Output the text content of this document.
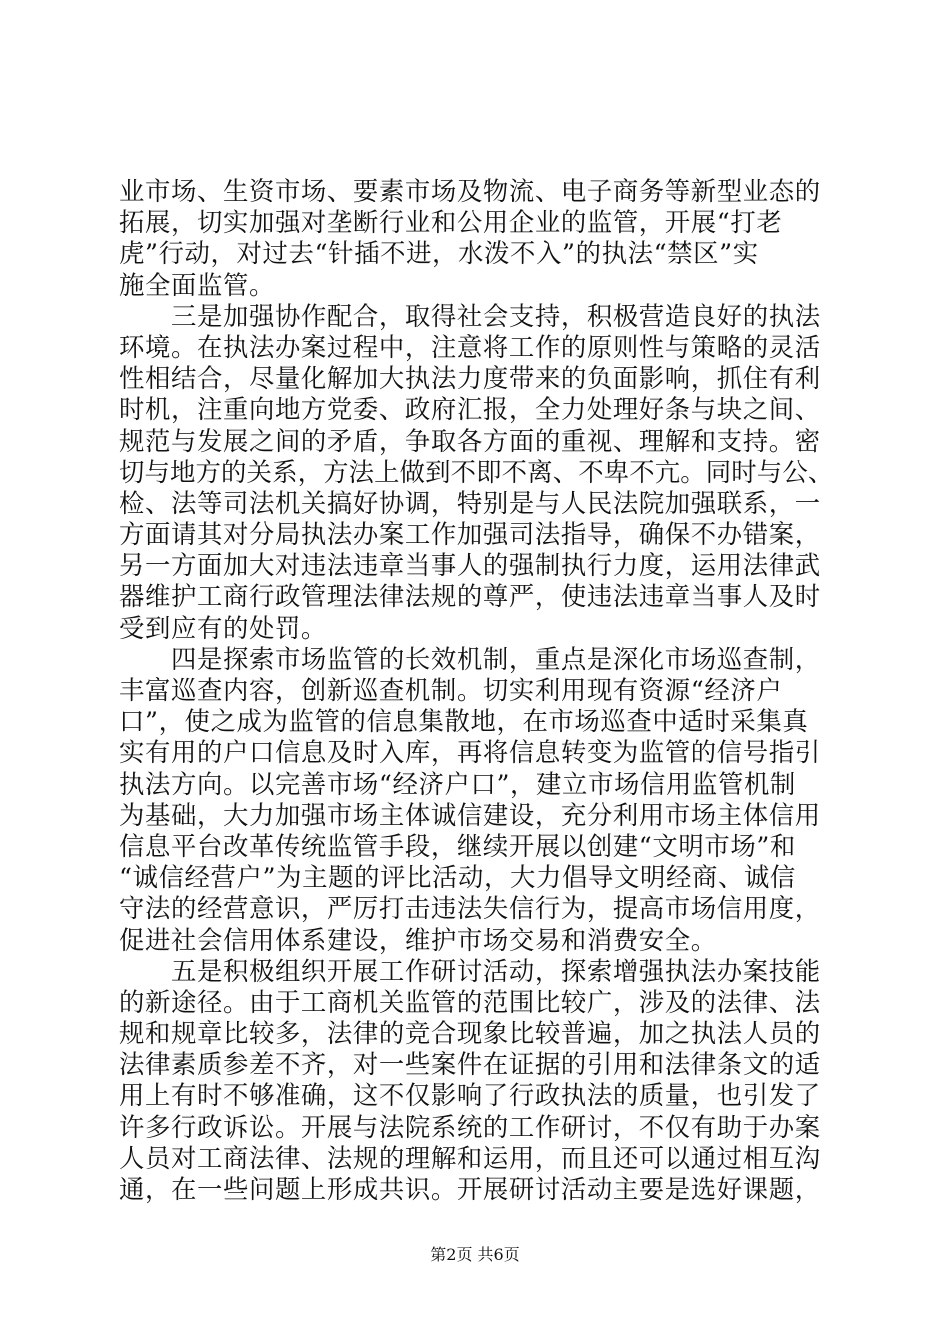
业市场、生资市场、要素市场及物流、电子商务等新型业态的
拓展，切实加强对垄断行业和公用企业的监管，开展“打老
虎”行动，对过去“针插不进，水泼不入”的执法“禁区”实
施全面监管。
　　三是加强协作配合，取得社会支持，积极营造良好的执法
环境。在执法办案过程中，注意将工作的原则性与策略的灵活
性相结合，尽量化解加大执法力度带来的负面影响，抓住有利
时机，注重向地方党委、政府汇报，全力处理好条与块之间、
规范与发展之间的矛盾，争取各方面的重视、理解和支持。密
切与地方的关系，方法上做到不即不离、不卑不亢。同时与公、
检、法等司法机关搞好协调，特别是与人民法院加强联系，一
方面请其对分局执法办案工作加强司法指导，确保不办错案，
另一方面加大对违法违章当事人的强制执行力度，运用法律武
器维护工商行政管理法律法规的尊严，使违法违章当事人及时
受到应有的处罚。
　　四是探索市场监管的长效机制，重点是深化市场巡查制，
丰富巡查内容，创新巡查机制。切实利用现有资源“经济户
口”，使之成为监管的信息集散地，在市场巡查中适时采集真
实有用的户口信息及时入库，再将信息转变为监管的信号指引
执法方向。以完善市场“经济户口”，建立市场信用监管机制
为基础，大力加强市场主体诚信建设，充分利用市场主体信用
信息平台改革传统监管手段，继续开展以创建“文明市场”和
“诚信经营户”为主题的评比活动，大力倡导文明经商、诚信
守法的经营意识，严厉打击违法失信行为，提高市场信用度，
促进社会信用体系建设，维护市场交易和消费安全。
　　五是积极组织开展工作研讨活动，探索增强执法办案技能
的新途径。由于工商机关监管的范围比较广，涉及的法律、法
规和规章比较多，法律的竞合现象比较普遍，加之执法人员的
法律素质参差不齐，对一些案件在证据的引用和法律条文的适
用上有时不够准确，这不仅影响了行政执法的质量，也引发了
许多行政诉讼。开展与法院系统的工作研讨，不仅有助于办案
人员对工商法律、法规的理解和运用，而且还可以通过相互沟
通，在一些问题上形成共识。开展研讨活动主要是选好课题，
第2页 共6页
